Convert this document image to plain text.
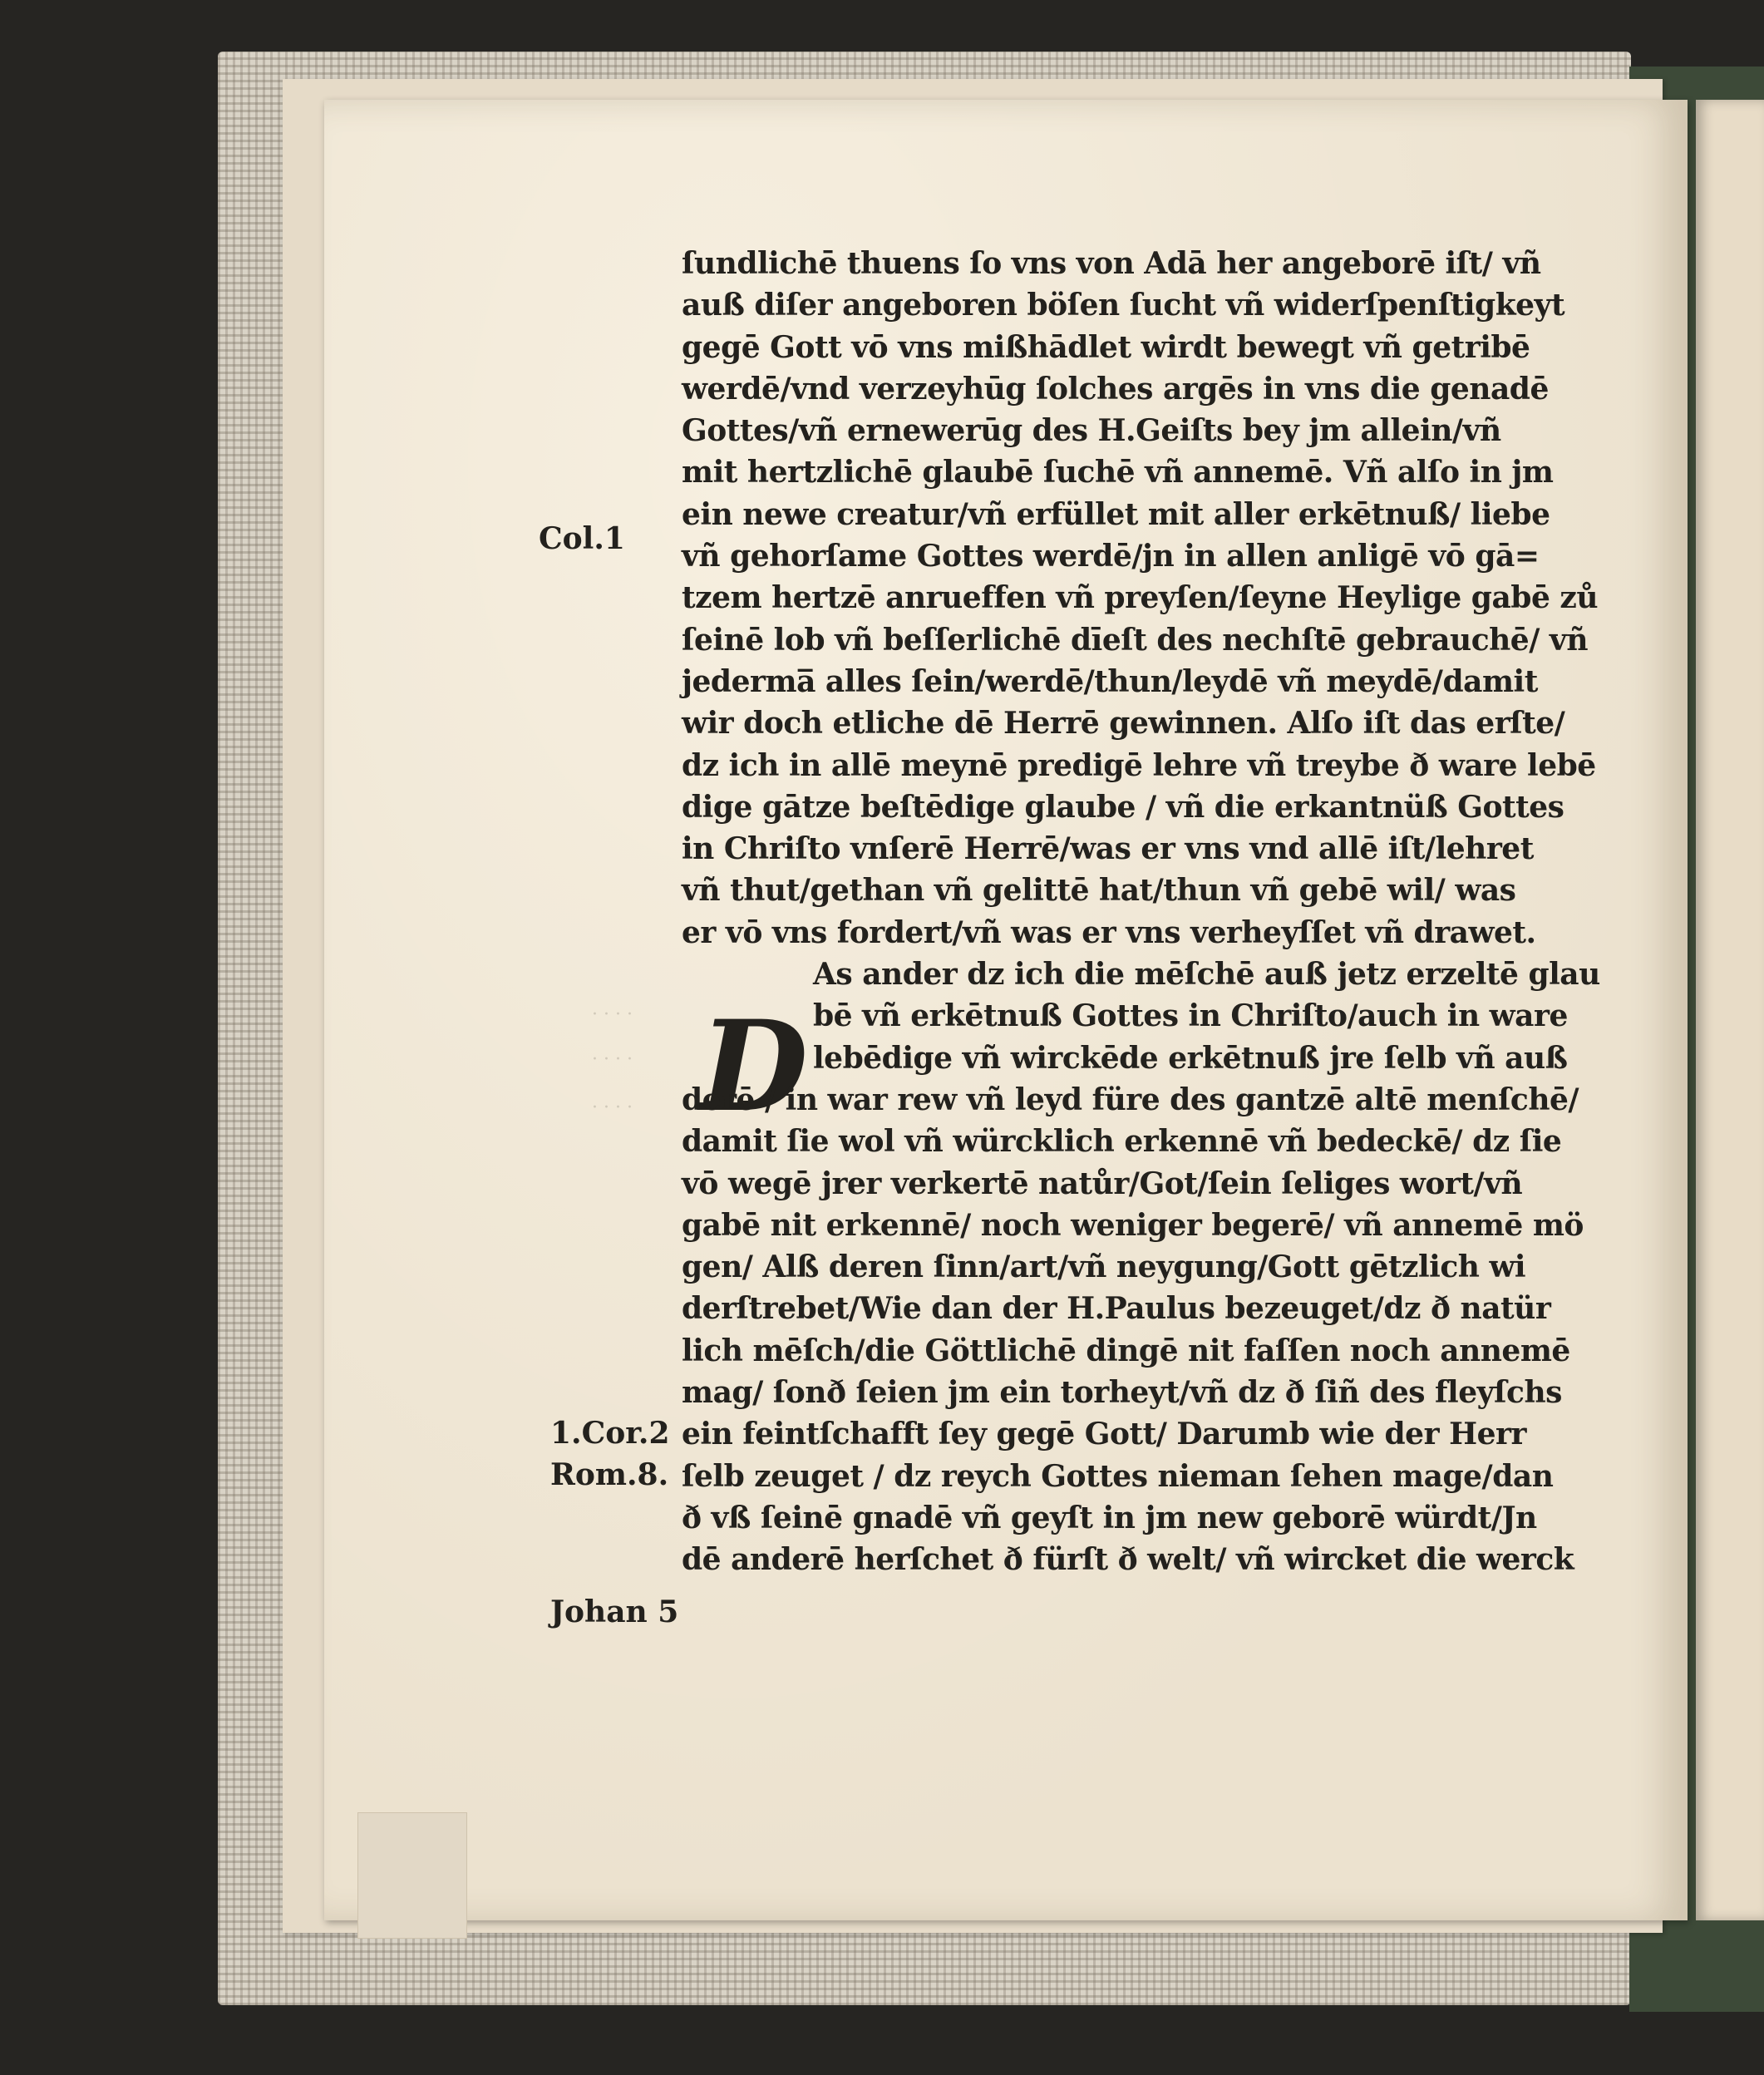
· · · ·
· · · ·
· · · ·
Col.1
1.Cor.2
Rom.8.
Johan 5
D
ſundlichē thuens ſo vns von Adā her angeborē iſt/ vñ
auß diſer angeboren böſen ſucht vñ widerſpenſtigkeyt
gegē Gott vō vns mißhādlet wirdt bewegt vñ getribē
werdē/vnd verzeyhūg ſolches argēs in vns die genadē
Gottes/vñ ernewerūg des H.Geiſts bey jm allein/vñ
mit hertzlichē glaubē ſuchē vñ annemē. Vñ alſo in jm
ein newe creatur/vñ erfüllet mit aller erkētnuß/ liebe
vñ gehorſame Gottes werdē/jn in allen anligē vō gā=
tzem hertzē anrueffen vñ preyſen/ſeyne Heylige gabē zů
ſeinē lob vñ beſſerlichē dīeſt des nechſtē gebrauchē/ vñ
jederma̅ alles ſein/werdē/thun/leydē vñ meydē/damit
wir doch etliche dē Herrē gewinnen. Alſo iſt das erſte/
dz ich in allē meynē predigē lehre vñ treybe ð ware lebē
dige gātze beſtēdige glaube / vñ die erkantnüß Gottes
in Chriſto vnſerē Herrē/was er vns vnd allē iſt/lehret
vñ thut/gethan vñ gelittē hat/thun vñ gebē wil/ was
er vō vns fordert/vñ was er vns verheyſſet vñ drawet.
As ander dz ich die mēſchē auß jetz erzeltē glau
bē vñ erkētnuß Gottes in Chriſto/auch in ware
lebēdige vñ wirckēde erkētnuß jre ſelb vñ auß
derē / in war rew vñ leyd füre des gantzē altē menſchē/
damit ſie wol vñ würcklich erkennē vñ bedeckē/ dz ſie
vō wegē jrer verkertē natůr/Got/ſein ſeliges wort/vñ
gabē nit erkennē/ noch weniger begerē/ vñ annemē mö
gen/ Alß deren ſinn/art/vñ neygung/Gott gētzlich wi
derſtrebet/Wie dan der H.Paulus bezeuget/dz ð natür
lich mēſch/die Göttlichē dingē nit faſſen noch annemē
mag/ ſonð ſeien jm ein torheyt/vñ dz ð ſiñ des fleyſchs
ein feintſchafft ſey gegē Gott/ Darumb wie der Herr
ſelb zeuget / dz reych Gottes nieman ſehen mage/dan
ð vß ſeinē gnadē vñ geyſt in jm new geborē würdt/Jn
dē anderē herſchet ð fürſt ð welt/ vñ wircket die werck
